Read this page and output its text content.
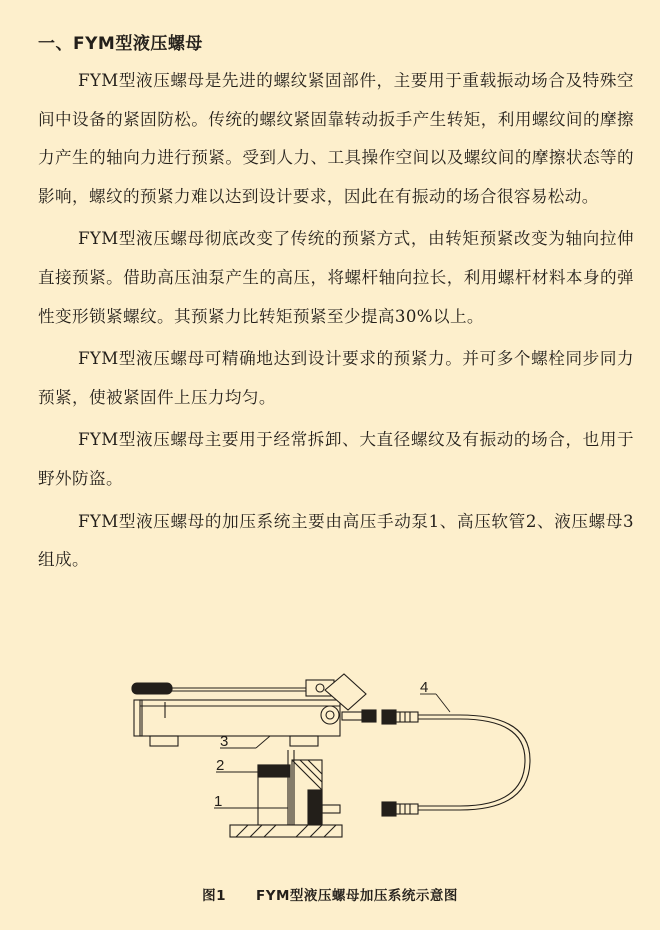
一、FYM型液压螺母

FYM型液压螺母是先进的螺纹紧固部件，主要用于重载振动场合及特殊空间中设备的紧固防松。传统的螺纹紧固靠转动扳手产生转矩，利用螺纹间的摩擦力产生的轴向力进行预紧。受到人力、工具操作空间以及螺纹间的摩擦状态等的影响，螺纹的预紧力难以达到设计要求，因此在有振动的场合很容易松动。

FYM型液压螺母彻底改变了传统的预紧方式，由转矩预紧改变为轴向拉伸直接预紧。借助高压油泵产生的高压，将螺杆轴向拉长，利用螺杆材料本身的弹性变形锁紧螺纹。其预紧力比转矩预紧至少提高30%以上。

FYM型液压螺母可精确地达到设计要求的预紧力。并可多个螺栓同步同力预紧，使被紧固件上压力均匀。

FYM型液压螺母主要用于经常拆卸、大直径螺纹及有振动的场合，也用于野外防盗。

FYM型液压螺母的加压系统主要由高压手动泵1、高压软管2、液压螺母3组成。

3
2
1
4
图1 FYM型液压螺母加压系统示意图
